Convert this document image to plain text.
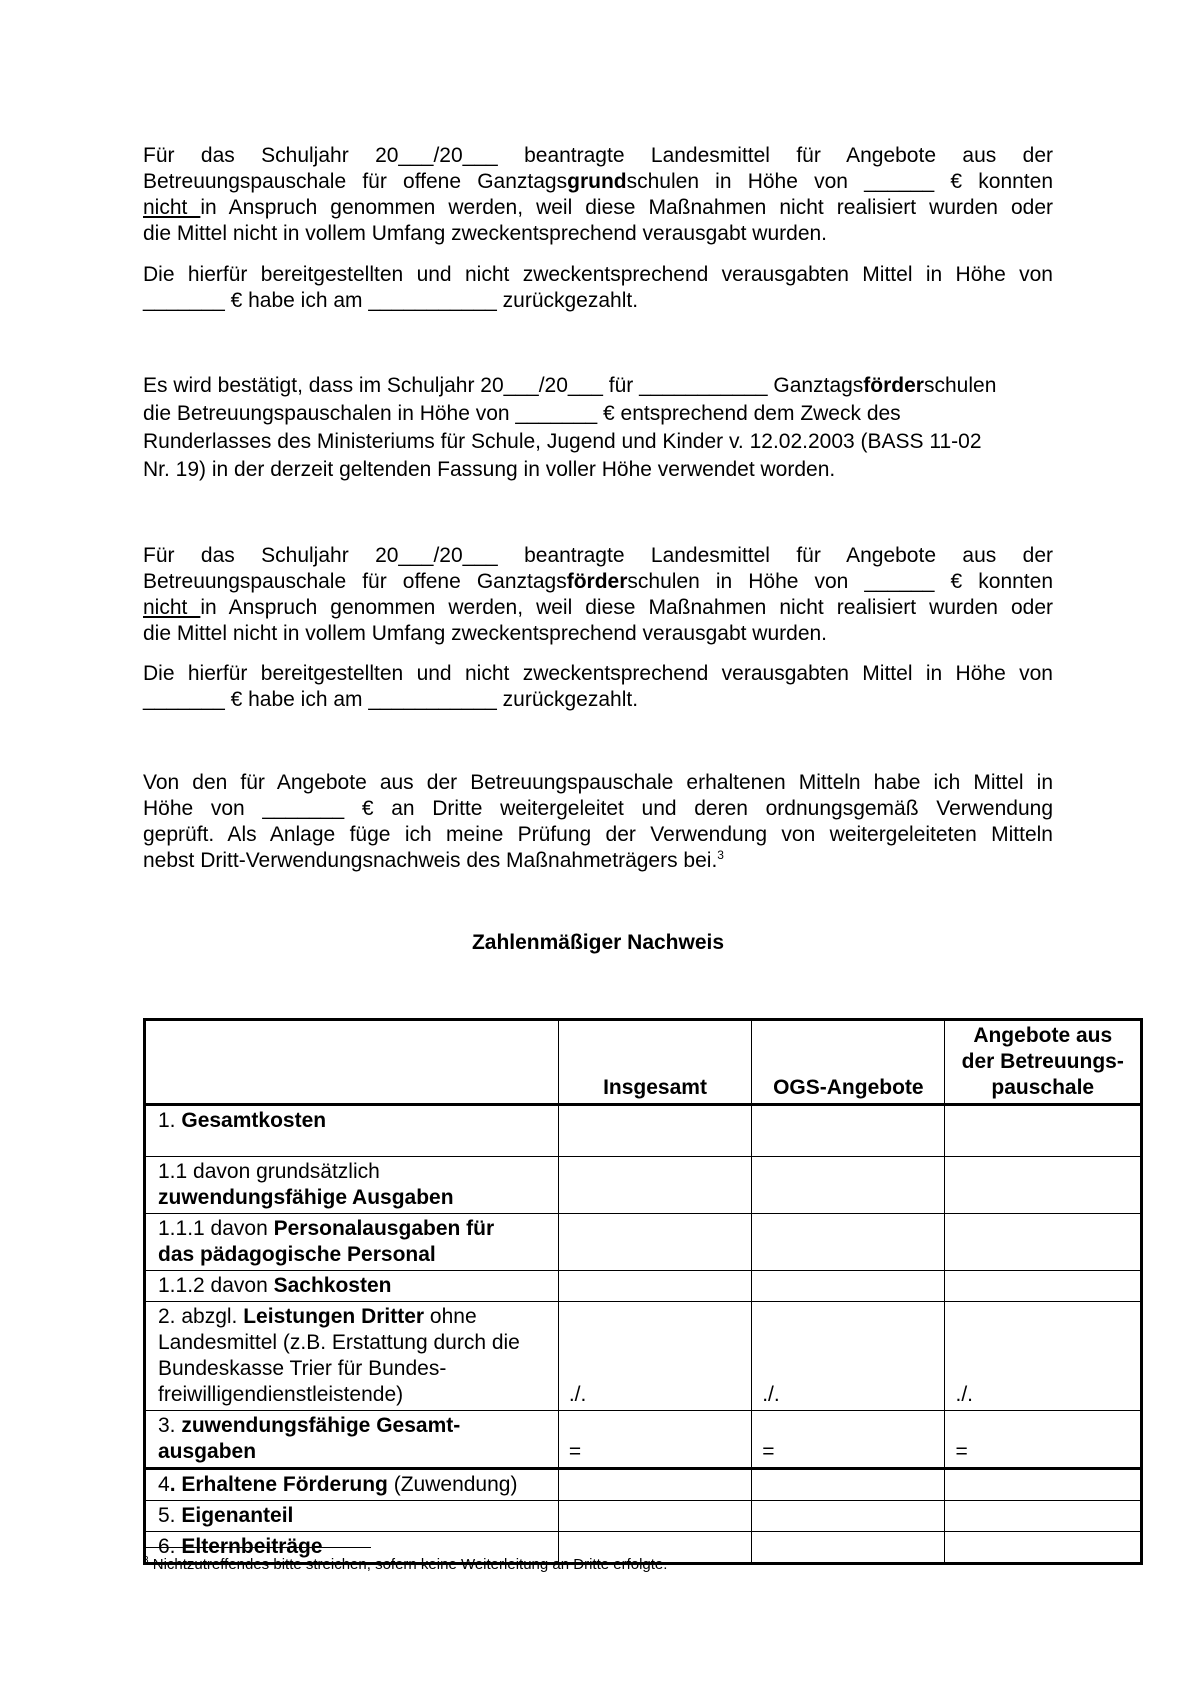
Für das Schuljahr 20___/20___ beantragte Landesmittel für Angebote aus der
Betreuungspauschale für offene Ganztagsgrundschulen in Höhe von ______ € konnten
nicht in Anspruch genommen werden, weil diese Maßnahmen nicht realisiert wurden oder
die Mittel nicht in vollem Umfang zweckentsprechend verausgabt wurden.
Die hierfür bereitgestellten und nicht zweckentsprechend verausgabten Mittel in Höhe von
_______ € habe ich am ___________ zurückgezahlt.
Es wird bestätigt, dass im Schuljahr 20___/20___ für ___________ Ganztagsförderschulen
die Betreuungspauschalen in Höhe von _______ € entsprechend dem Zweck des
Runderlasses des Ministeriums für Schule, Jugend und Kinder v. 12.02.2003 (BASS 11-02
Nr. 19) in der derzeit geltenden Fassung in voller Höhe verwendet worden.
Für das Schuljahr 20___/20___ beantragte Landesmittel für Angebote aus der
Betreuungspauschale für offene Ganztagsförderschulen in Höhe von ______ € konnten
nicht in Anspruch genommen werden, weil diese Maßnahmen nicht realisiert wurden oder
die Mittel nicht in vollem Umfang zweckentsprechend verausgabt wurden.
Die hierfür bereitgestellten und nicht zweckentsprechend verausgabten Mittel in Höhe von
_______ € habe ich am ___________ zurückgezahlt.
Von den für Angebote aus der Betreuungspauschale erhaltenen Mitteln habe ich Mittel in
Höhe von _______ € an Dritte weitergeleitet und deren ordnungsgemäß Verwendung
geprüft. Als Anlage füge ich meine Prüfung der Verwendung von weitergeleiteten Mitteln
nebst Dritt-Verwendungsnachweis des Maßnahmeträgers bei.$^3$
Zahlenmäßiger Nachweis
	Insgesamt	OGS-Angebote	Angebote aus
der Betreuungs-
pauschale

1. Gesamtkosten			

1.1 davon grundsätzlich
zuwendungsfähige Ausgaben			

1.1.1 davon Personalausgaben für
das pädagogische Personal			

1.1.2 davon Sachkosten			

2. abzgl. Leistungen Dritter ohne
Landesmittel (z.B. Erstattung durch die
Bundeskasse Trier für Bundes-
freiwilligendienstleistende)	./.	./.	./.
3. zuwendungsfähige Gesamt-
ausgaben	=	=	=
4. Erhaltene Förderung (Zuwendung)			
5. Eigenanteil			
6. Elternbeiträge			
$^3$ Nichtzutreffendes bitte streichen, sofern keine Weiterleitung an Dritte erfolgte.
